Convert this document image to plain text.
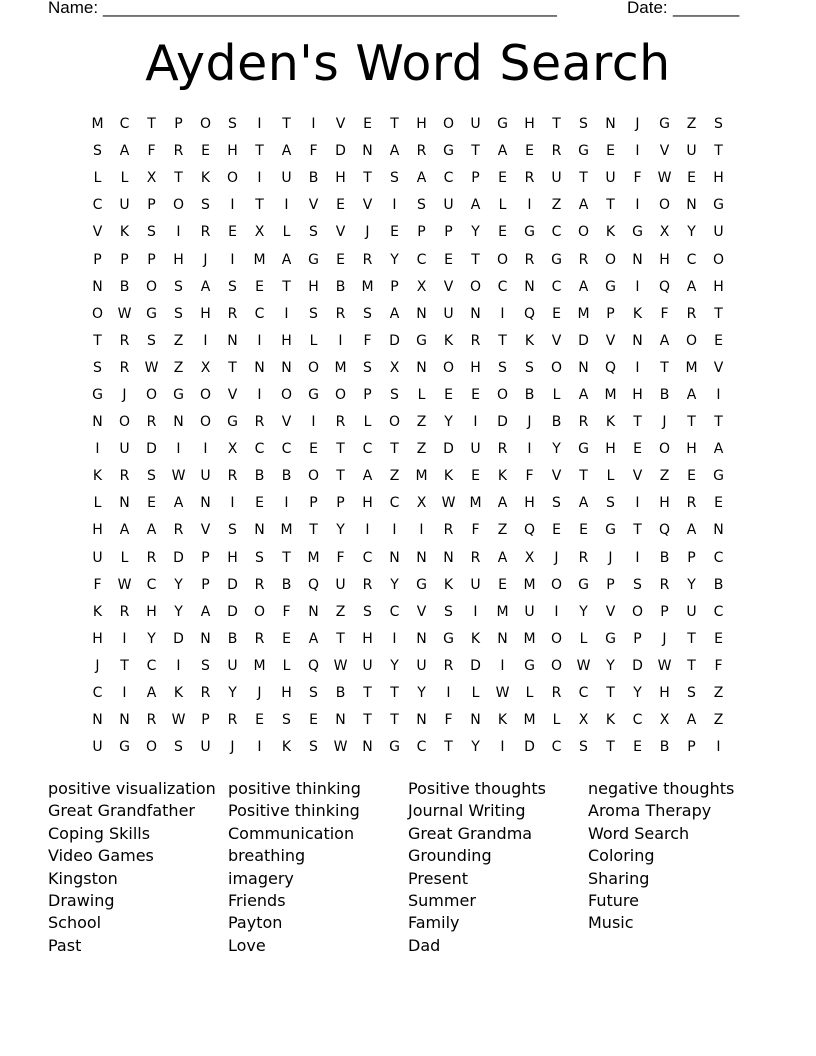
Name: ________________________________________________	Date: _______
Ayden's Word Search
M	C	T	P	O	S	I	T	I	V	E	T	H	O	U	G	H	T	S	N	J	G	Z	S
S	A	F	R	E	H	T	A	F	D	N	A	R	G	T	A	E	R	G	E	I	V	U	T
L	L	X	T	K	O	I	U	B	H	T	S	A	C	P	E	R	U	T	U	F	W	E	H
C	U	P	O	S	I	T	I	V	E	V	I	S	U	A	L	I	Z	A	T	I	O	N	G
V	K	S	I	R	E	X	L	S	V	J	E	P	P	Y	E	G	C	O	K	G	X	Y	U
P	P	P	H	J	I	M	A	G	E	R	Y	C	E	T	O	R	G	R	O	N	H	C	O
N	B	O	S	A	S	E	T	H	B	M	P	X	V	O	C	N	C	A	G	I	Q	A	H
O	W	G	S	H	R	C	I	S	R	S	A	N	U	N	I	Q	E	M	P	K	F	R	T
T	R	S	Z	I	N	I	H	L	I	F	D	G	K	R	T	K	V	D	V	N	A	O	E
S	R	W	Z	X	T	N	N	O	M	S	X	N	O	H	S	S	O	N	Q	I	T	M	V
G	J	O	G	O	V	I	O	G	O	P	S	L	E	E	O	B	L	A	M	H	B	A	I
N	O	R	N	O	G	R	V	I	R	L	O	Z	Y	I	D	J	B	R	K	T	J	T	T
I	U	D	I	I	X	C	C	E	T	C	T	Z	D	U	R	I	Y	G	H	E	O	H	A
K	R	S	W	U	R	B	B	O	T	A	Z	M	K	E	K	F	V	T	L	V	Z	E	G
L	N	E	A	N	I	E	I	P	P	H	C	X	W	M	A	H	S	A	S	I	H	R	E
H	A	A	R	V	S	N	M	T	Y	I	I	I	R	F	Z	Q	E	E	G	T	Q	A	N
U	L	R	D	P	H	S	T	M	F	C	N	N	N	R	A	X	J	R	J	I	B	P	C
F	W	C	Y	P	D	R	B	Q	U	R	Y	G	K	U	E	M	O	G	P	S	R	Y	B
K	R	H	Y	A	D	O	F	N	Z	S	C	V	S	I	M	U	I	Y	V	O	P	U	C
H	I	Y	D	N	B	R	E	A	T	H	I	N	G	K	N	M	O	L	G	P	J	T	E
J	T	C	I	S	U	M	L	Q	W	U	Y	U	R	D	I	G	O	W	Y	D	W	T	F
C	I	A	K	R	Y	J	H	S	B	T	T	Y	I	L	W	L	R	C	T	Y	H	S	Z
N	N	R	W	P	R	E	S	E	N	T	T	N	F	N	K	M	L	X	K	C	X	A	Z
U	G	O	S	U	J	I	K	S	W	N	G	C	T	Y	I	D	C	S	T	E	B	P	I
positive visualization
Great Grandfather
Coping Skills
Video Games
Kingston
Drawing
School
Past
positive thinking
Positive thinking
Communication
breathing
imagery
Friends
Payton
Love
Positive thoughts
Journal Writing
Great Grandma
Grounding
Present
Summer
Family
Dad
negative thoughts
Aroma Therapy
Word Search
Coloring
Sharing
Future
Music
